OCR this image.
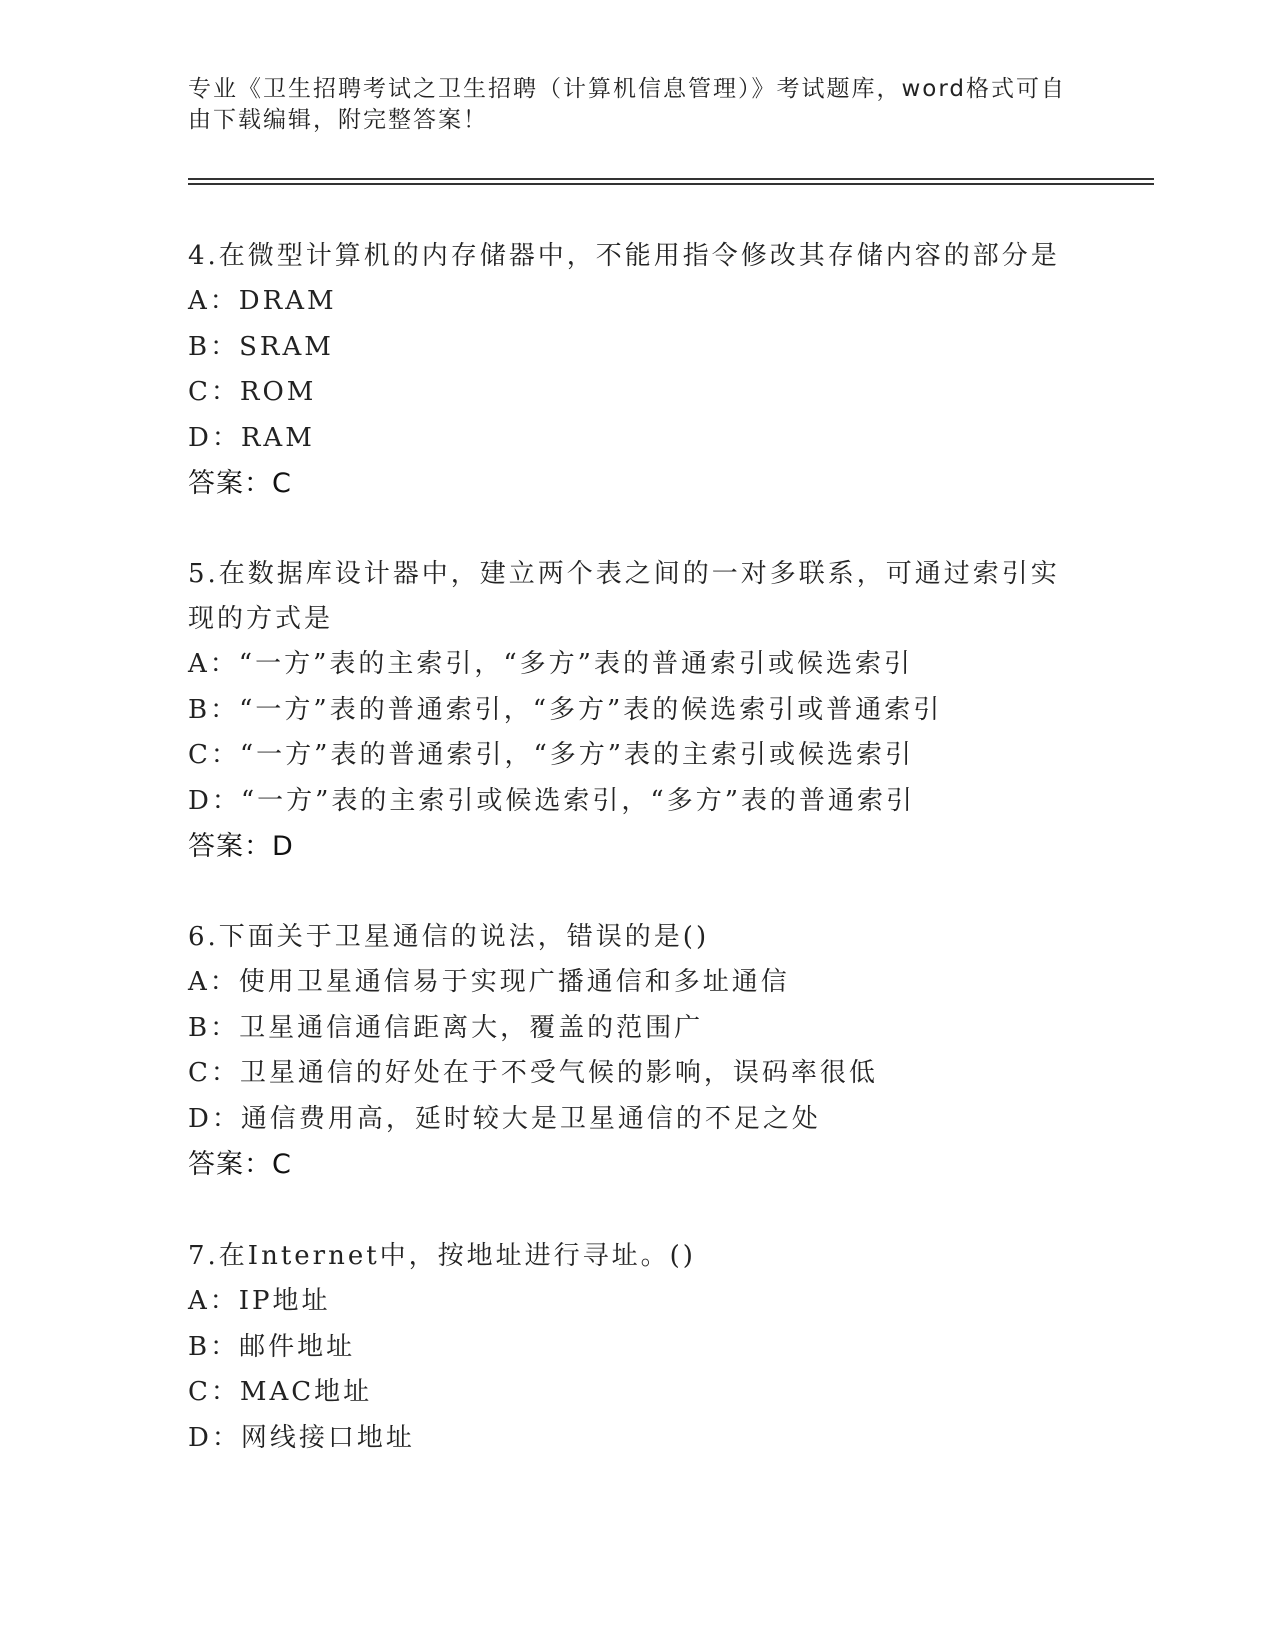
专业《卫生招聘考试之卫生招聘（计算机信息管理）》考试题库，word格式可自由下载编辑，附完整答案！
4.在微型计算机的内存储器中，不能用指令修改其存储内容的部分是
A：DRAM
B：SRAM
C：ROM
D：RAM
答案：C
5.在数据库设计器中，建立两个表之间的一对多联系，可通过索引实现的方式是
A：“一方”表的主索引，“多方”表的普通索引或候选索引
B：“一方”表的普通索引，“多方”表的候选索引或普通索引
C：“一方”表的普通索引，“多方”表的主索引或候选索引
D：“一方”表的主索引或候选索引，“多方”表的普通索引
答案：D
6.下面关于卫星通信的说法，错误的是()
A：使用卫星通信易于实现广播通信和多址通信
B：卫星通信通信距离大，覆盖的范围广
C：卫星通信的好处在于不受气候的影响，误码率很低
D：通信费用高，延时较大是卫星通信的不足之处
答案：C
7.在Internet中，按地址进行寻址。()
A：IP地址
B：邮件地址
C：MAC地址
D：网线接口地址
